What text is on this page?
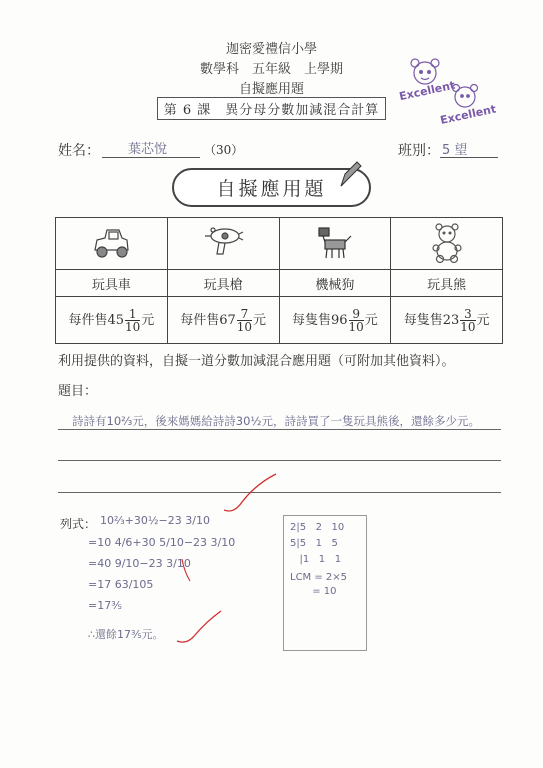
迦密愛禮信小學
數學科　五年級　上學期
自擬應用題
第 6 課　異分母分數加減混合計算
Excellent
Excellent
姓名： 葉芯悅	（30）	班別： 5 望
自擬應用題

玩具車	玩具槍	機械狗	玩具熊
每件售$45 \frac{1}{10}$ 元	每件售$67 \frac{7}{10}$ 元	每隻售$96 \frac{9}{10}$ 元	每隻售$23 \frac{3}{10}$ 元
利用提供的資料，自擬一道分數加減混合應用題（可附加其他資料）。
題目：
詩詩有10⅔元，後來媽媽給詩詩30½元，詩詩買了一隻玩具熊後，還餘多少元。
列式： 10⅔+30½−23 3/10
=10 4/6+30 5/10−23 3/10
=40 9/10−23 3/10
=17 63/105
=17⅗
∴還餘17⅗元。
2|5   2   10
5|5   1   5
|1   1   1
LCM = 2×5
= 10
